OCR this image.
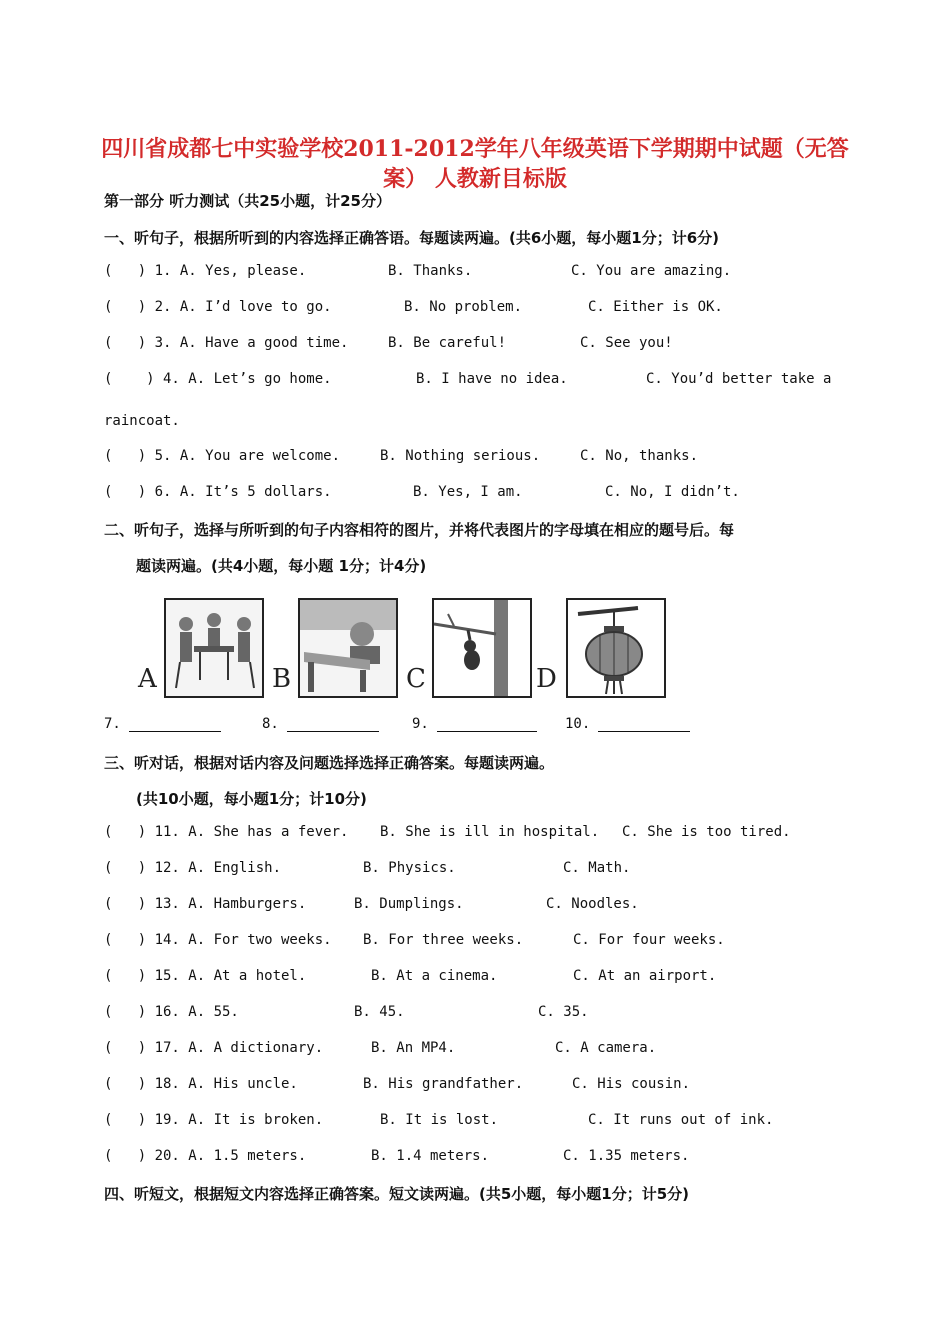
四川省成都七中实验学校2011-2012学年八年级英语下学期期中试题（无答案） 人教新目标版
第一部分 听力测试（共25小题，计25分）
一、听句子，根据所听到的内容选择正确答语。每题读两遍。(共6小题，每小题1分；计6分)

(   ) 1. A. Yes, please.

	B. Thanks.

	C. You are amazing.

(   ) 2. A. I’d love to go.

	B. No problem.

	C. Either is OK.

(   ) 3. A. Have a good time.

	B. Be careful!

	C. See you!

(    ) 4. A. Let’s go home.

	B. I have no idea.

	C. You’d better take a

raincoat.

(   ) 5. A. You are welcome.

	B. Nothing serious.

	C. No, thanks.

(   ) 6. A. It’s 5 dollars.

	B. Yes, I am.

	C. No, I didn’t.

二、听句子，选择与所听到的句子内容相符的图片，并将代表图片的字母填在相应的题号后。每
题读两遍。(共4小题，每小题 1分；计4分)
A	B	C	D
7.	8.	9.	10.
三、听对话，根据对话内容及问题选择选择正确答案。每题读两遍。
(共10小题，每小题1分；计10分)

(   ) 11. A. She has a fever.

B. She is ill in hospital.

C. She is too tired.

(   ) 12. A. English.

	B. Physics.

	C. Math.

(   ) 13. A. Hamburgers.

	B. Dumplings.

	C. Noodles.

(   ) 14. A. For two weeks.

B. For three weeks.

	C. For four weeks.

(   ) 15. A. At a hotel.

	B. At a cinema.

	C. At an airport.

(   ) 16. A. 55.

	B. 45.

	C. 35.

(   ) 17. A. A dictionary.

	B. An MP4.

	C. A camera.

(   ) 18. A. His uncle.

	B. His grandfather.

	C. His cousin.

(   ) 19. A. It is broken.

	B. It is lost.

	C. It runs out of ink.

(   ) 20. A. 1.5 meters.

	B. 1.4 meters.

	C. 1.35 meters.

四、听短文，根据短文内容选择正确答案。短文读两遍。(共5小题，每小题1分；计5分)
